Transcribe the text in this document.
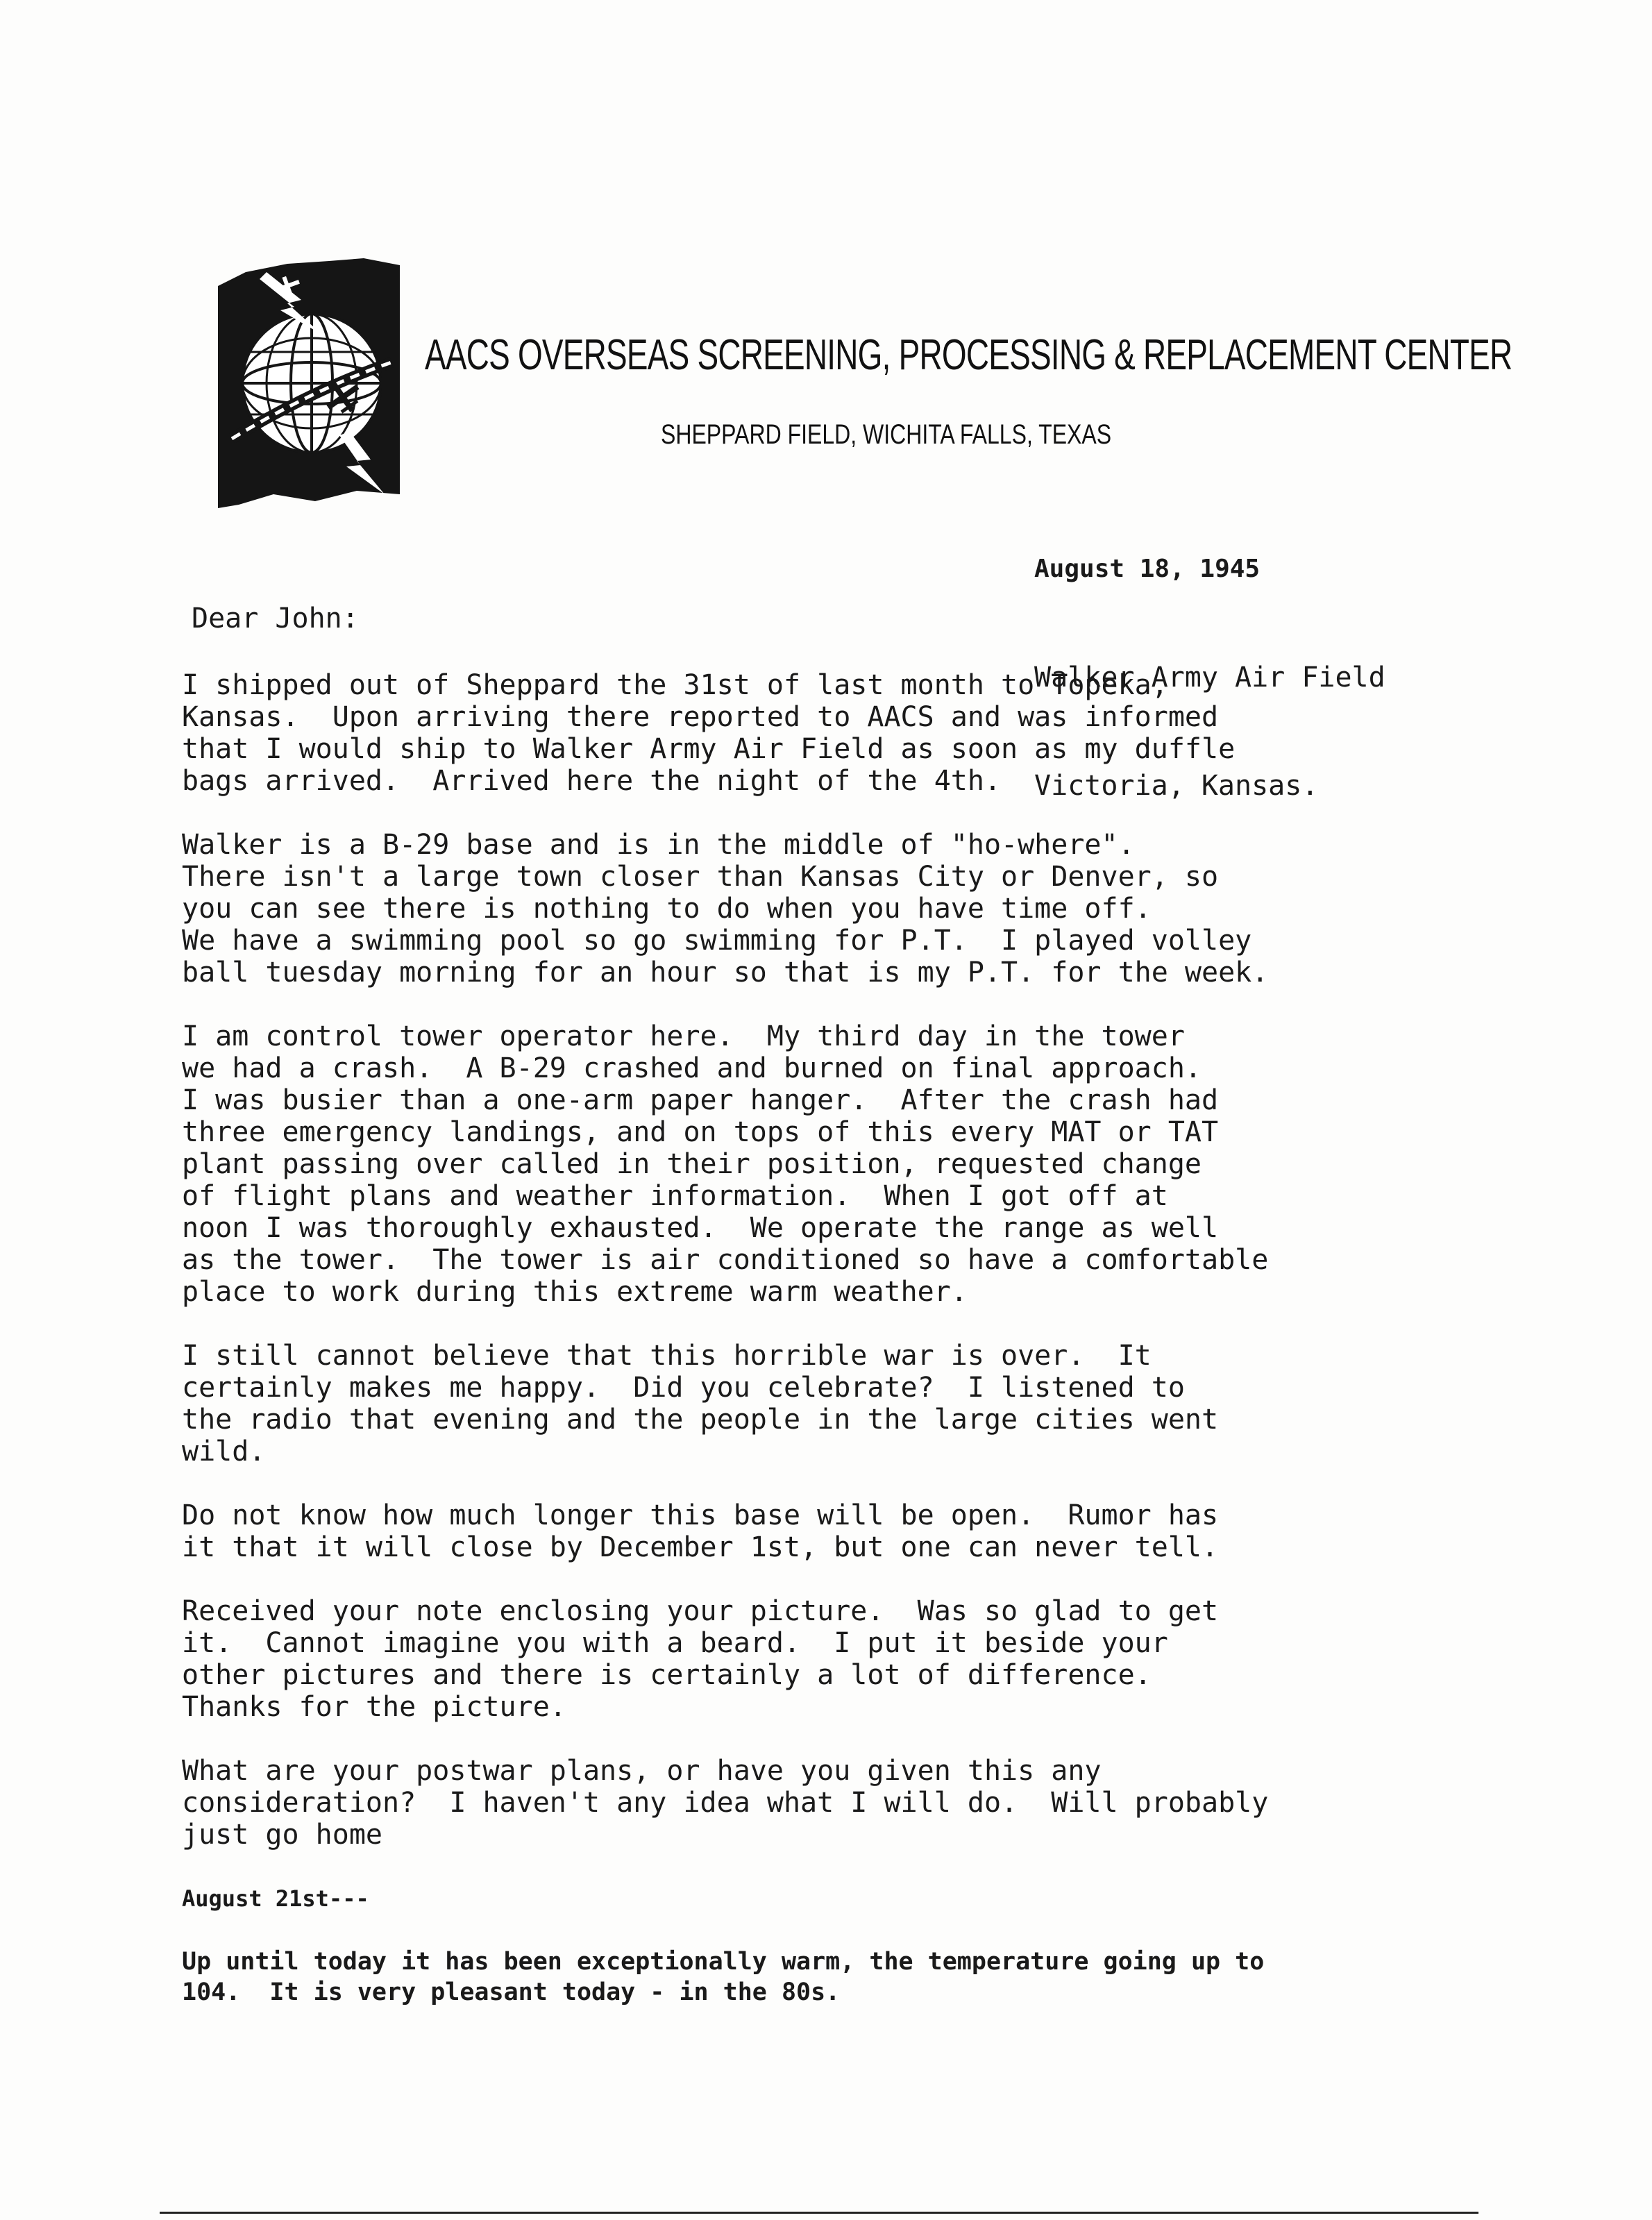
AACS OVERSEAS SCREENING, PROCESSING & REPLACEMENT CENTER
SHEPPARD FIELD, WICHITA FALLS, TEXAS

August 18, 1945

Walker Army Air Field

Victoria, Kansas.

Dear John:
I shipped out of Sheppard the 31st of last month to Topeka,
Kansas.  Upon arriving there reported to AACS and was informed
that I would ship to Walker Army Air Field as soon as my duffle
bags arrived.  Arrived here the night of the 4th.
Walker is a B-29 base and is in the middle of "ho-where".
There isn't a large town closer than Kansas City or Denver, so
you can see there is nothing to do when you have time off.
We have a swimming pool so go swimming for P.T.  I played volley
ball tuesday morning for an hour so that is my P.T. for the week.
I am control tower operator here.  My third day in the tower
we had a crash.  A B-29 crashed and burned on final approach.
I was busier than a one-arm paper hanger.  After the crash had
three emergency landings, and on tops of this every MAT or TAT
plant passing over called in their position, requested change
of flight plans and weather information.  When I got off at
noon I was thoroughly exhausted.  We operate the range as well
as the tower.  The tower is air conditioned so have a comfortable
place to work during this extreme warm weather.
I still cannot believe that this horrible war is over.  It
certainly makes me happy.  Did you celebrate?  I listened to
the radio that evening and the people in the large cities went
wild.
Do not know how much longer this base will be open.  Rumor has
it that it will close by December 1st, but one can never tell.
Received your note enclosing your picture.  Was so glad to get
it.  Cannot imagine you with a beard.  I put it beside your
other pictures and there is certainly a lot of difference.
Thanks for the picture.
What are your postwar plans, or have you given this any
consideration?  I haven't any idea what I will do.  Will probably
just go home
August 21st---
Up until today it has been exceptionally warm, the temperature going up to
104.  It is very pleasant today - in the 80s.
